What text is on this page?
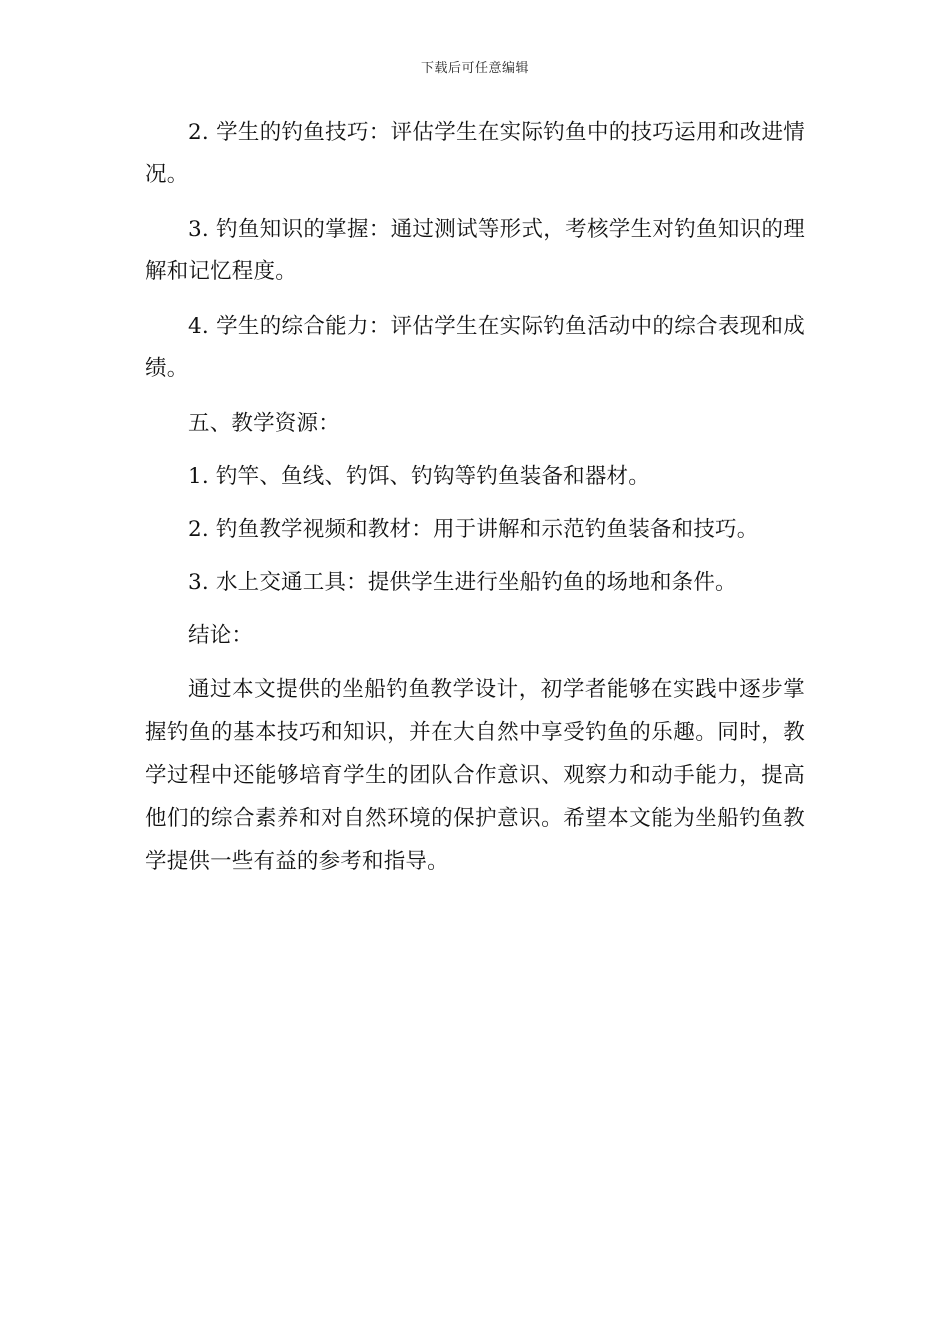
下载后可任意编辑

2. 学生的钓鱼技巧：评估学生在实际钓鱼中的技巧运用和改进情况。

3. 钓鱼知识的掌握：通过测试等形式，考核学生对钓鱼知识的理解和记忆程度。

4. 学生的综合能力：评估学生在实际钓鱼活动中的综合表现和成绩。

五、教学资源：

1. 钓竿、鱼线、钓饵、钓钩等钓鱼装备和器材。

2. 钓鱼教学视频和教材：用于讲解和示范钓鱼装备和技巧。

3. 水上交通工具：提供学生进行坐船钓鱼的场地和条件。

结论：

通过本文提供的坐船钓鱼教学设计，初学者能够在实践中逐步掌握钓鱼的基本技巧和知识，并在大自然中享受钓鱼的乐趣。同时，教学过程中还能够培育学生的团队合作意识、观察力和动手能力，提高他们的综合素养和对自然环境的保护意识。希望本文能为坐船钓鱼教学提供一些有益的参考和指导。
